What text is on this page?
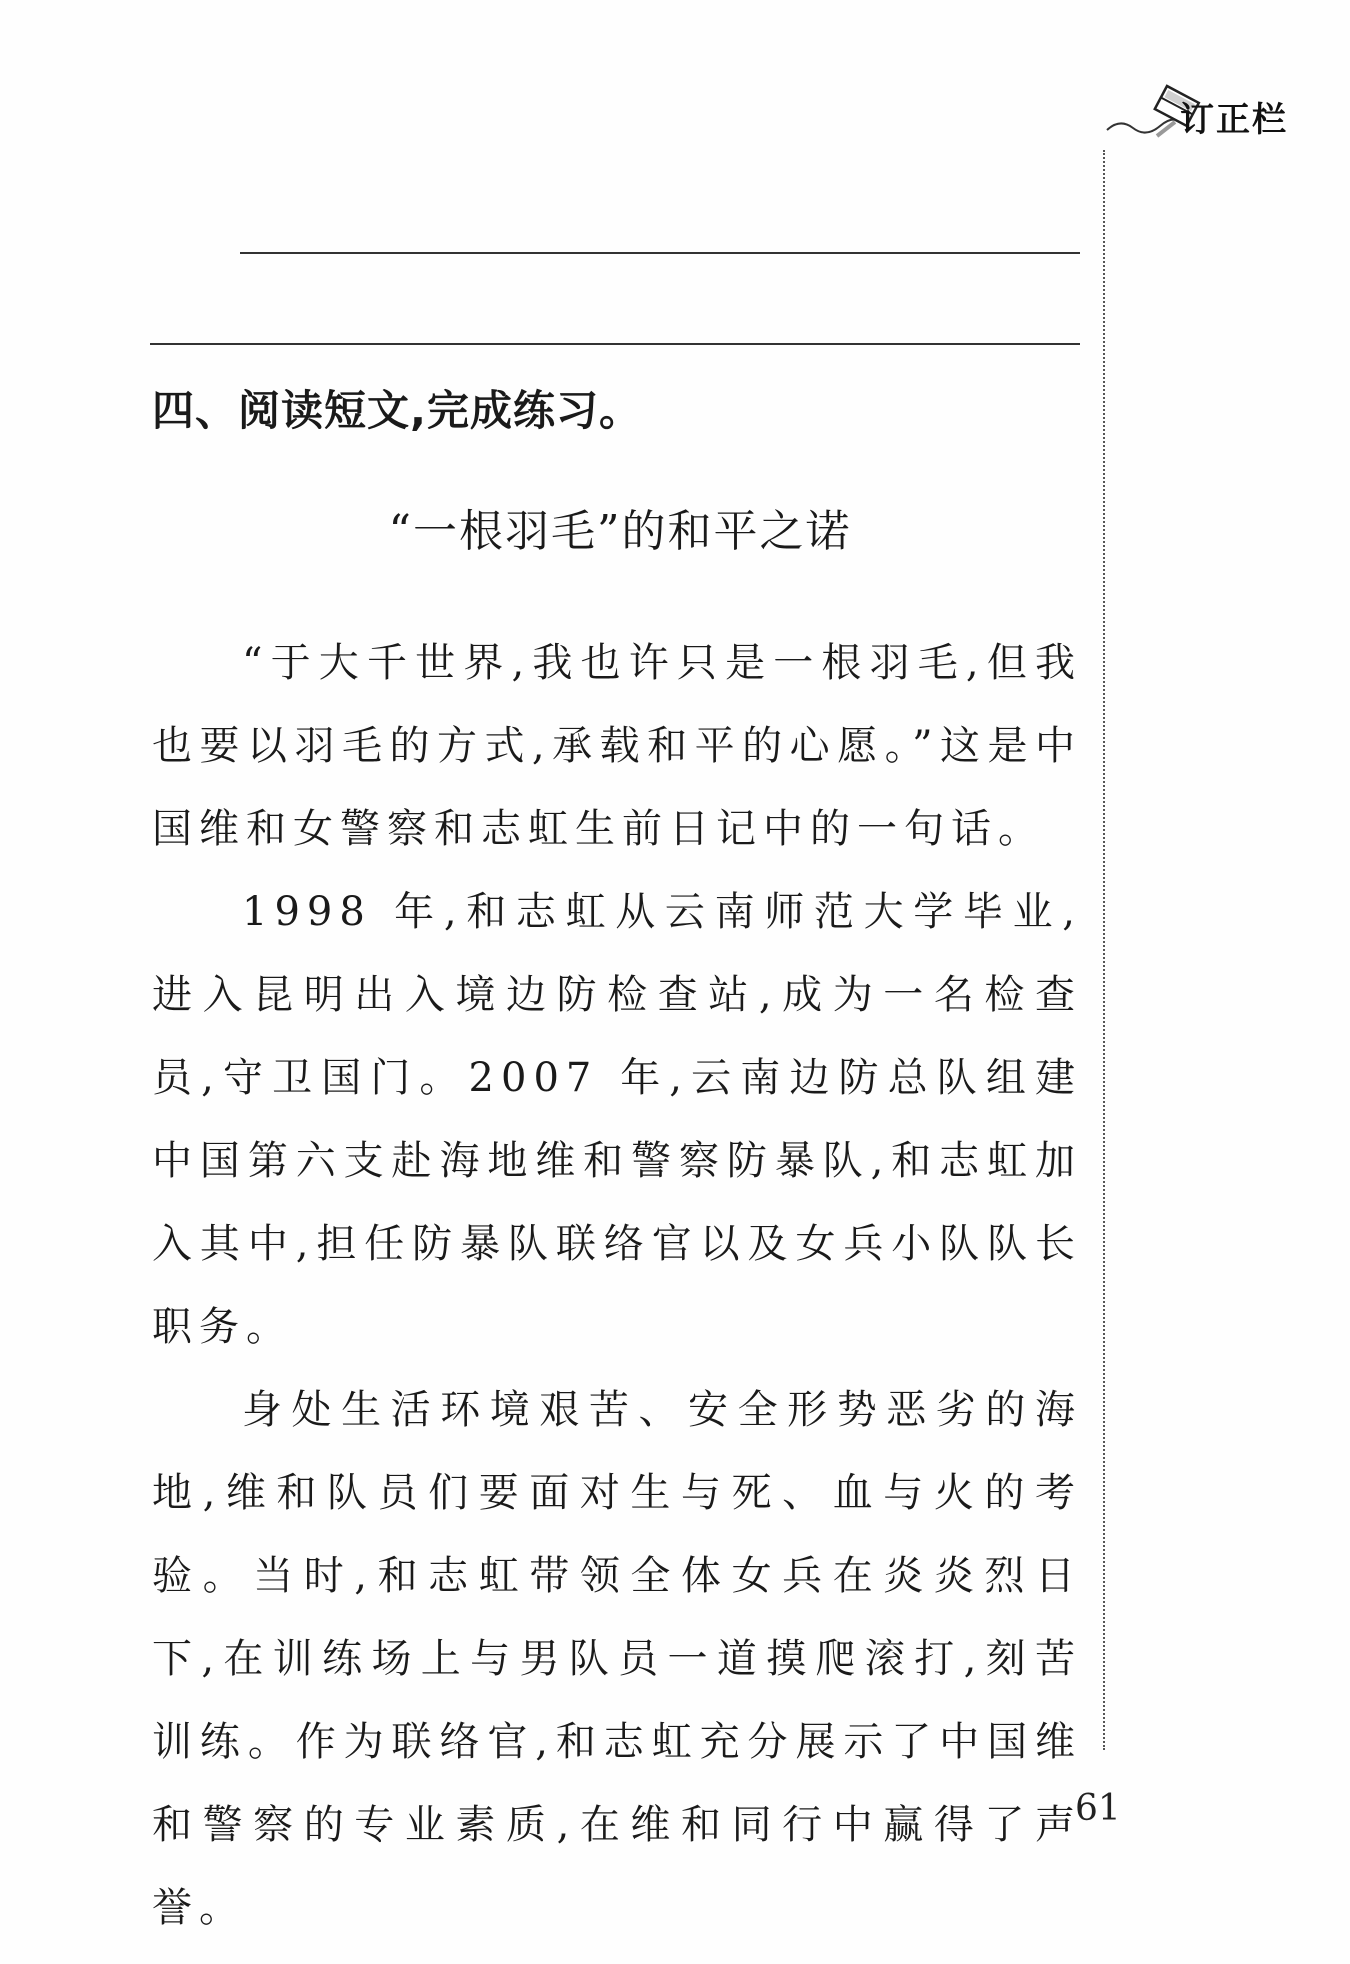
订正栏
四、阅读短文,完成练习。
“一根羽毛”的和平之诺

“于大千世界,我也许只是一根羽毛,但我也要以羽毛的方式,承载和平的心愿。”这是中国维和女警察和志虹生前日记中的一句话。

1998 年,和志虹从云南师范大学毕业,进入昆明出入境边防检查站,成为一名检查员,守卫国门。2007 年,云南边防总队组建中国第六支赴海地维和警察防暴队,和志虹加入其中,担任防暴队联络官以及女兵小队队长职务。

身处生活环境艰苦、安全形势恶劣的海地,维和队员们要面对生与死、血与火的考验。当时,和志虹带领全体女兵在炎炎烈日下,在训练场上与男队员一道摸爬滚打,刻苦训练。作为联络官,和志虹充分展示了中国维和警察的专业素质,在维和同行中赢得了声誉。

61
